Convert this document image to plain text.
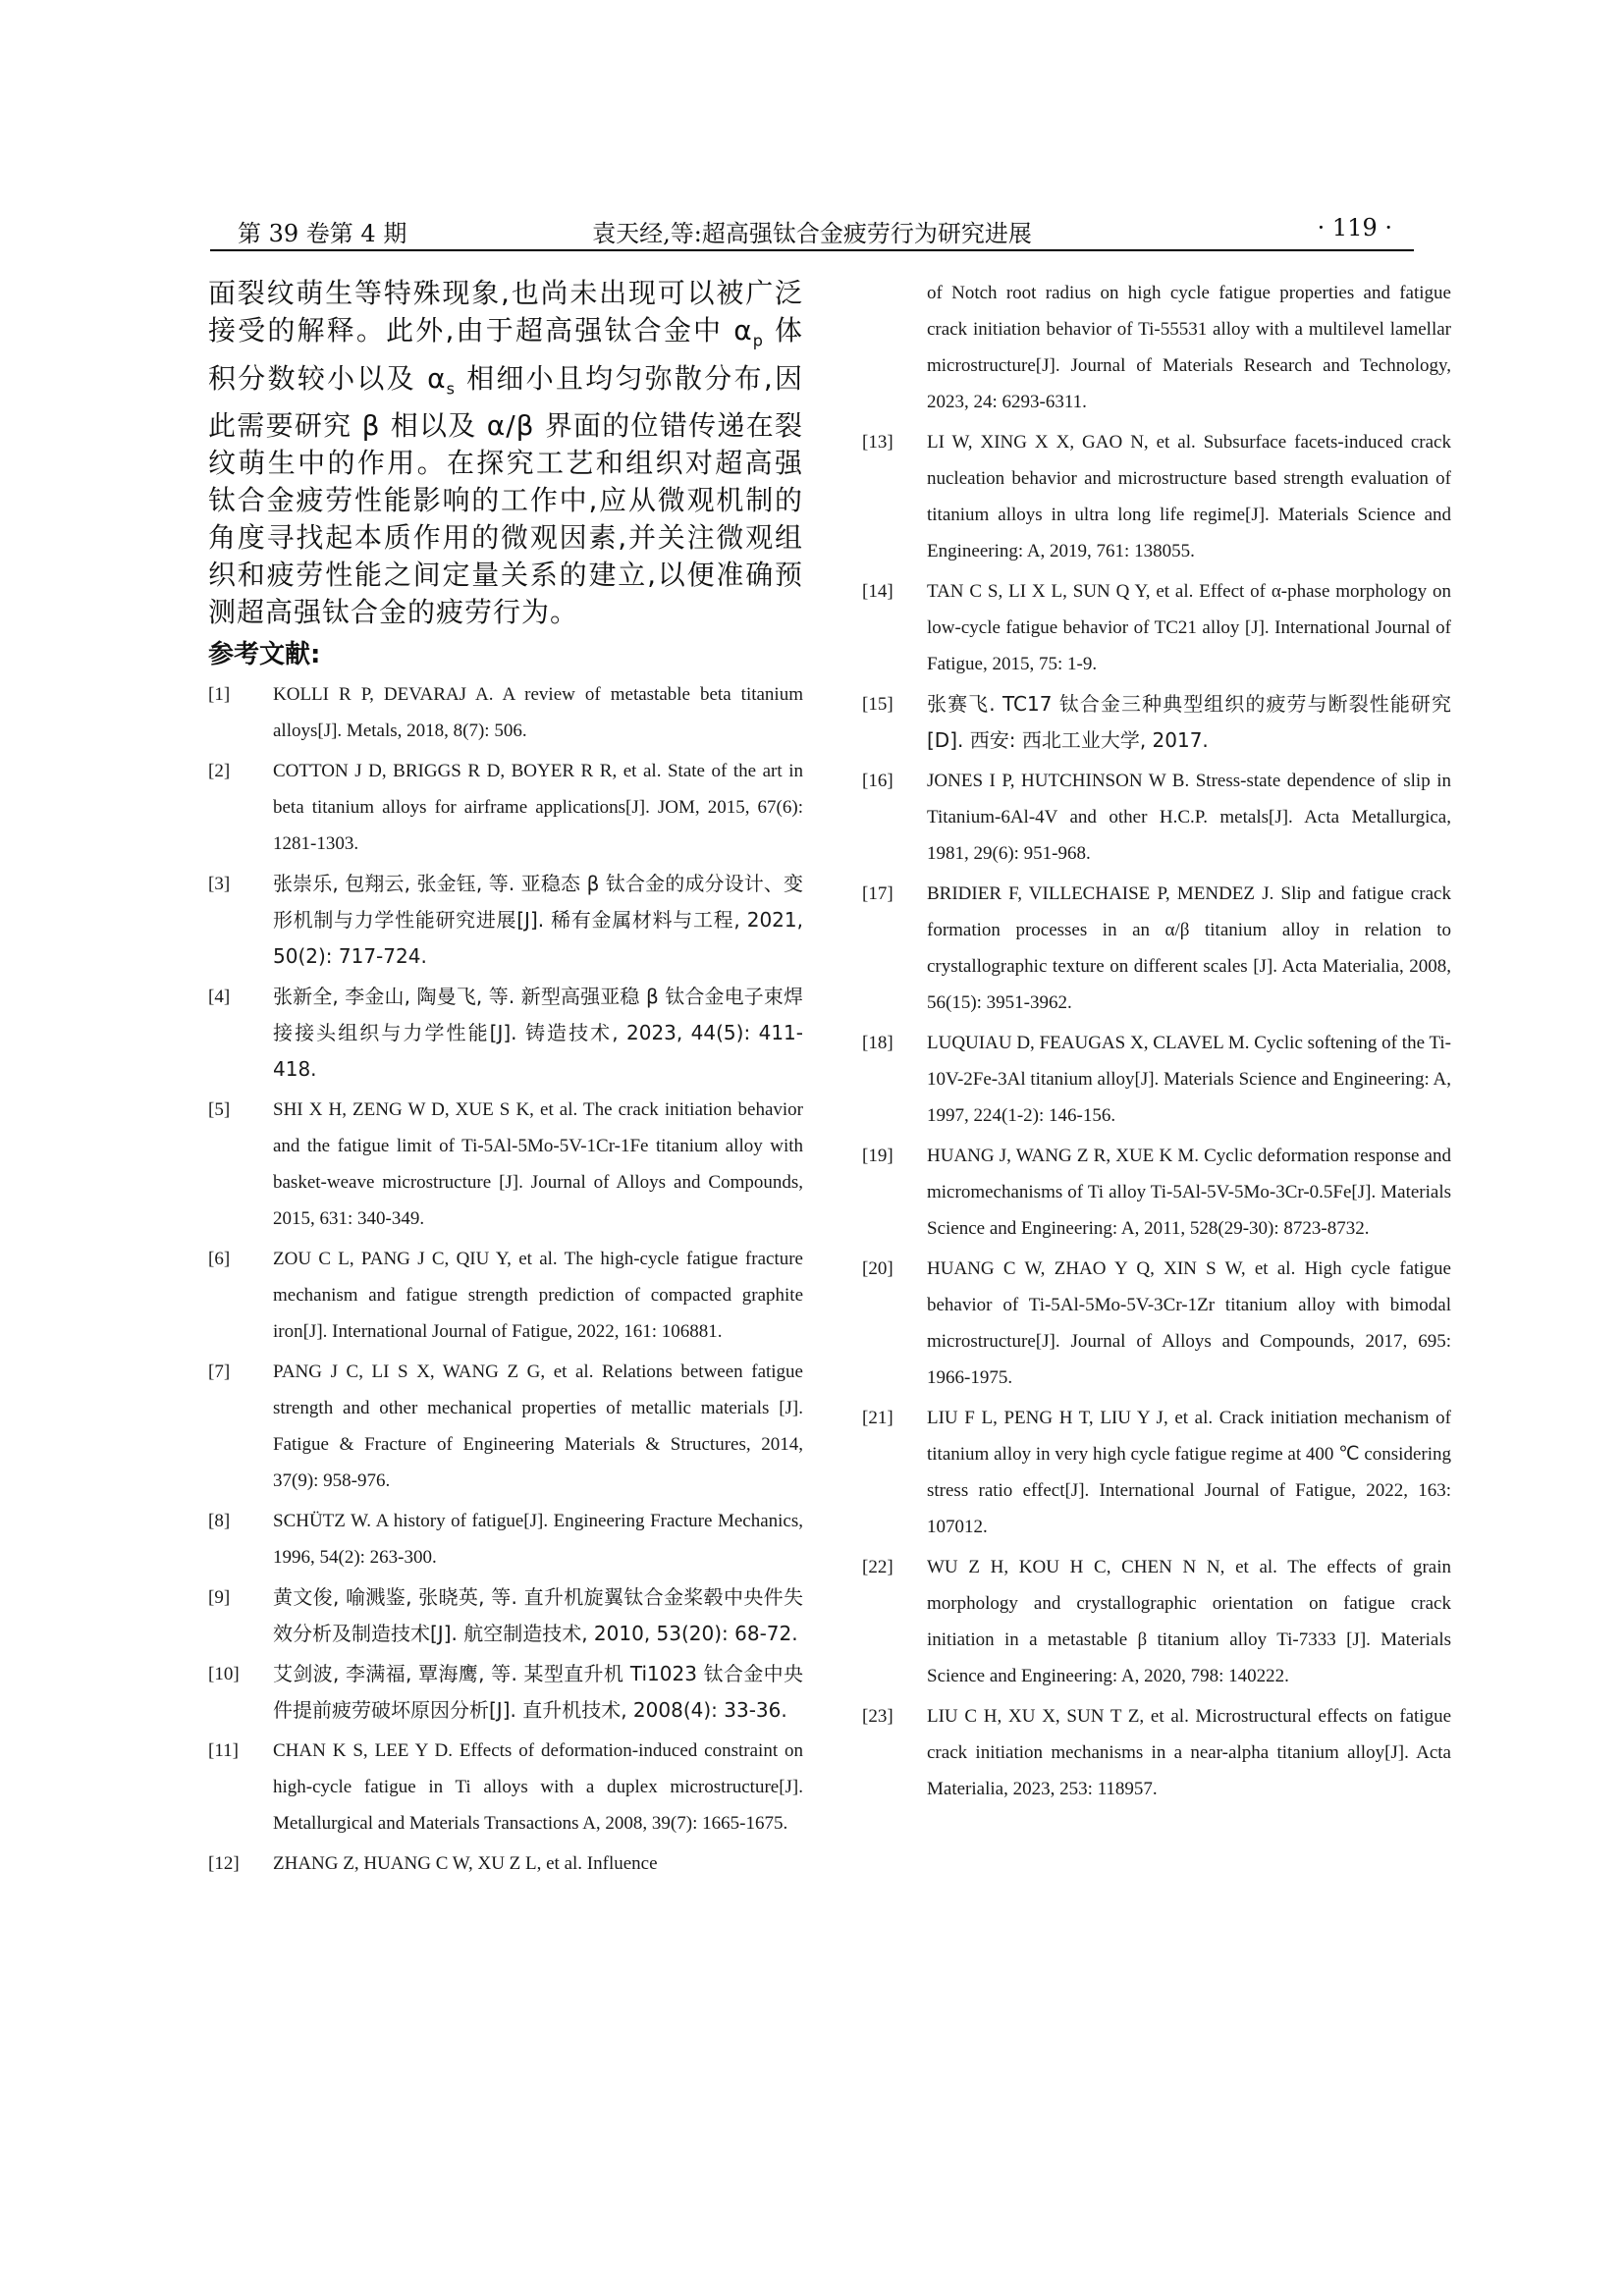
第 39 卷第 4 期	袁天经,等:超高强钛合金疲劳行为研究进展	· 119 ·

面裂纹萌生等特殊现象,也尚未出现可以被广泛接受的解释。此外,由于超高强钛合金中 $\alpha_p$ 体积分数较小以及 $\alpha_s$ 相细小且均匀弥散分布,因此需要研究 β 相以及 α/β 界面的位错传递在裂纹萌生中的作用。在探究工艺和组织对超高强钛合金疲劳性能影响的工作中,应从微观机制的角度寻找起本质作用的微观因素,并关注微观组织和疲劳性能之间定量关系的建立,以便准确预测超高强钛合金的疲劳行为。

参考文献:
[1]	KOLLI R P, DEVARAJ A. A review of metastable beta titanium alloys[J]. Metals, 2018, 8(7): 506.
[2]	COTTON J D, BRIGGS R D, BOYER R R, et al. State of the art in beta titanium alloys for airframe applications[J]. JOM, 2015, 67(6): 1281-1303.
[3]	张崇乐, 包翔云, 张金钰, 等. 亚稳态 β 钛合金的成分设计、变形机制与力学性能研究进展[J]. 稀有金属材料与工程, 2021, 50(2): 717-724.
[4]	张新全, 李金山, 陶曼飞, 等. 新型高强亚稳 β 钛合金电子束焊接接头组织与力学性能[J]. 铸造技术, 2023, 44(5): 411-418.
[5]	SHI X H, ZENG W D, XUE S K, et al. The crack initiation behavior and the fatigue limit of Ti-5Al-5Mo-5V-1Cr-1Fe titanium alloy with basket-weave microstructure [J]. Journal of Alloys and Compounds, 2015, 631: 340-349.
[6]	ZOU C L, PANG J C, QIU Y, et al. The high-cycle fatigue fracture mechanism and fatigue strength prediction of compacted graphite iron[J]. International Journal of Fatigue, 2022, 161: 106881.
[7]	PANG J C, LI S X, WANG Z G, et al. Relations between fatigue strength and other mechanical properties of metallic materials [J]. Fatigue & Fracture of Engineering Materials & Structures, 2014, 37(9): 958-976.
[8]	SCHÜTZ W. A history of fatigue[J]. Engineering Fracture Mechanics, 1996, 54(2): 263-300.
[9]	黄文俊, 喻溅鉴, 张晓英, 等. 直升机旋翼钛合金桨毂中央件失效分析及制造技术[J]. 航空制造技术, 2010, 53(20): 68-72.
[10]	艾剑波, 李满福, 覃海鹰, 等. 某型直升机 Ti1023 钛合金中央件提前疲劳破坏原因分析[J]. 直升机技术, 2008(4): 33-36.
[11]	CHAN K S, LEE Y D. Effects of deformation-induced constraint on high-cycle fatigue in Ti alloys with a duplex microstructure[J]. Metallurgical and Materials Transactions A, 2008, 39(7): 1665-1675.
[12]	ZHANG Z, HUANG C W, XU Z L, et al. Influence
of Notch root radius on high cycle fatigue properties and fatigue crack initiation behavior of Ti-55531 alloy with a multilevel lamellar microstructure[J]. Journal of Materials Research and Technology, 2023, 24: 6293-6311.
[13]	LI W, XING X X, GAO N, et al. Subsurface facets-induced crack nucleation behavior and microstructure based strength evaluation of titanium alloys in ultra long life regime[J]. Materials Science and Engineering: A, 2019, 761: 138055.
[14]	TAN C S, LI X L, SUN Q Y, et al. Effect of α-phase morphology on low-cycle fatigue behavior of TC21 alloy [J]. International Journal of Fatigue, 2015, 75: 1-9.
[15]	张赛飞. TC17 钛合金三种典型组织的疲劳与断裂性能研究[D]. 西安: 西北工业大学, 2017.
[16]	JONES I P, HUTCHINSON W B. Stress-state dependence of slip in Titanium-6Al-4V and other H.C.P. metals[J]. Acta Metallurgica, 1981, 29(6): 951-968.
[17]	BRIDIER F, VILLECHAISE P, MENDEZ J. Slip and fatigue crack formation processes in an α/β titanium alloy in relation to crystallographic texture on different scales [J]. Acta Materialia, 2008, 56(15): 3951-3962.
[18]	LUQUIAU D, FEAUGAS X, CLAVEL M. Cyclic softening of the Ti-10V-2Fe-3Al titanium alloy[J]. Materials Science and Engineering: A, 1997, 224(1-2): 146-156.
[19]	HUANG J, WANG Z R, XUE K M. Cyclic deformation response and micromechanisms of Ti alloy Ti-5Al-5V-5Mo-3Cr-0.5Fe[J]. Materials Science and Engineering: A, 2011, 528(29-30): 8723-8732.
[20]	HUANG C W, ZHAO Y Q, XIN S W, et al. High cycle fatigue behavior of Ti-5Al-5Mo-5V-3Cr-1Zr titanium alloy with bimodal microstructure[J]. Journal of Alloys and Compounds, 2017, 695: 1966-1975.
[21]	LIU F L, PENG H T, LIU Y J, et al. Crack initiation mechanism of titanium alloy in very high cycle fatigue regime at 400 ℃ considering stress ratio effect[J]. International Journal of Fatigue, 2022, 163: 107012.
[22]	WU Z H, KOU H C, CHEN N N, et al. The effects of grain morphology and crystallographic orientation on fatigue crack initiation in a metastable β titanium alloy Ti-7333 [J]. Materials Science and Engineering: A, 2020, 798: 140222.
[23]	LIU C H, XU X, SUN T Z, et al. Microstructural effects on fatigue crack initiation mechanisms in a near-alpha titanium alloy[J]. Acta Materialia, 2023, 253: 118957.
